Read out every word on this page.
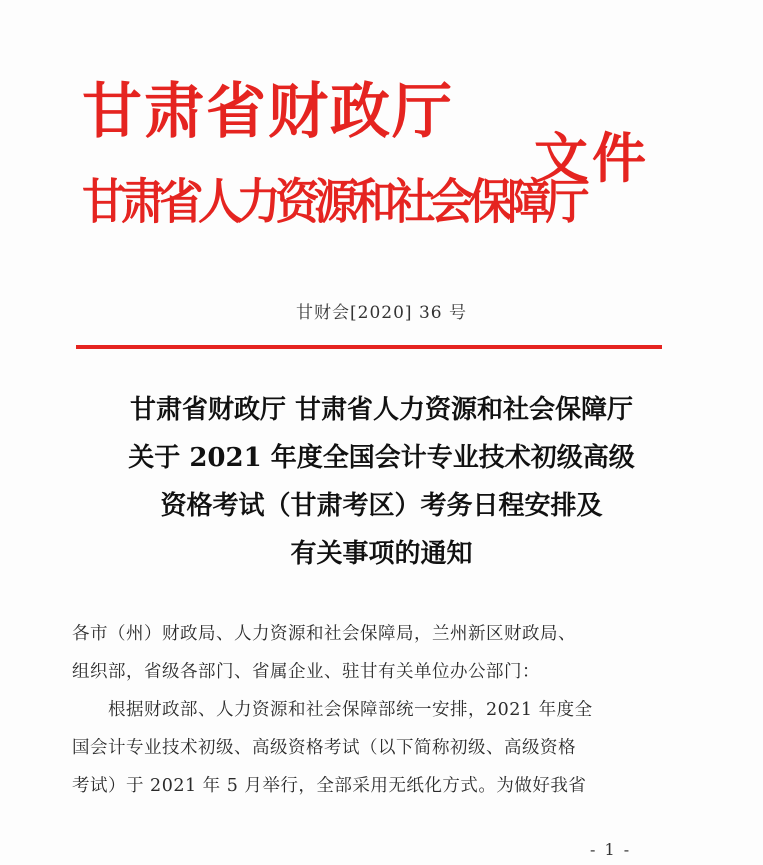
甘肃省财政厅
甘肃省人力资源和社会保障厅
文件
甘财会[2020] 36 号
甘肃省财政厅 甘肃省人力资源和社会保障厅
关于 2021 年度全国会计专业技术初级高级
资格考试（甘肃考区）考务日程安排及
有关事项的通知

各市（州）财政局、人力资源和社会保障局，兰州新区财政局、

组织部，省级各部门、省属企业、驻甘有关单位办公部门：

根据财政部、人力资源和社会保障部统一安排，2021 年度全

国会计专业技术初级、高级资格考试（以下简称初级、高级资格

考试）于 2021 年 5 月举行，全部采用无纸化方式。为做好我省

- 1 -
